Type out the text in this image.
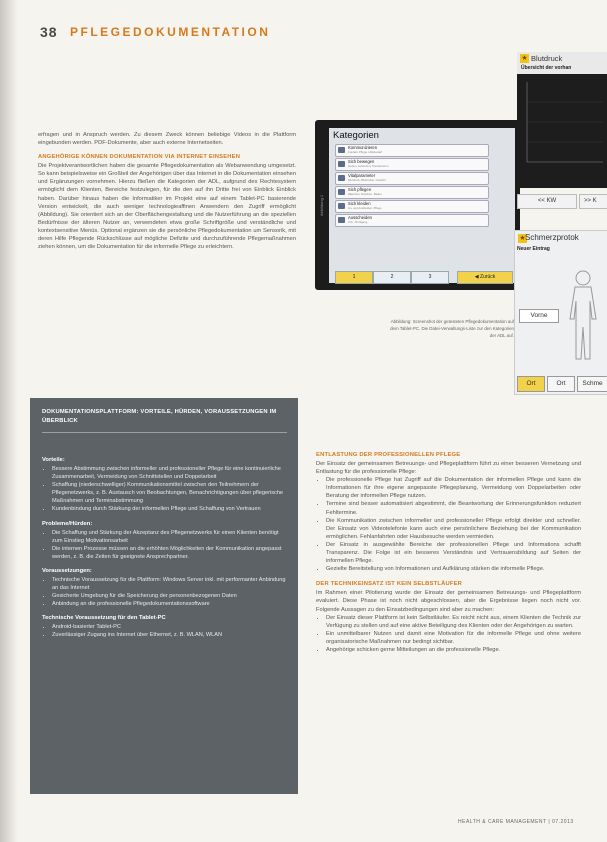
38 PFLEGEDOKUMENTATION

erfragen und in Anspruch werden. Zu diesem Zweck können beliebige Videos in die Plattform eingebunden werden. PDF-Dokumente, aber auch externe Internetseiten.

ANGEHÖRIGE KÖNNEN DOKUMENTATION VIA INTERNET EINSEHEN

Die Projektverantwortlichen haben die gesamte Pflegedokumentation als Webanwendung umgesetzt. So kann beispielsweise ein Großteil der Angehörigen über das Internet in die Dokumentation einsehen und Ergänzungen vornehmen. Hierzu fließen die Kategorien der ADL, aufgrund des Rechtesystem ermöglicht dem Klienten, Bereiche festzulegen, für die den auf ihn Dritte frei von Einblick Einblick haben. Darüber hinaus haben die Informatiker im Projekt eine auf einem Tablet-PC basierende Version entwickelt, die auch weniger technologieaffinen Anwendern den Zugriff ermöglicht (Abbildung). Sie orientiert sich an der Oberflächengestaltung und die Nutzerführung an die speziellen Bedürfnisse der älteren Nutzer an, verwendeten etwa große Schriftgröße und verständliche und kontextsensitive Menüs. Optional ergänzen sie die persönliche Pflegedokumentation um Sensorik, mit deren Hilfe Pflegende Rückschlüsse auf mögliche Defizite und durchzuführende Pflegemaßnahmen ziehen können, um die Dokumentation für die informelle Pflege zu erleichtern.

Abbildung 1
Kategorien
Kommunizieren
Kontakt, Pflege, Hilfebedarf
Sich bewegen
Gehen, Aufstehen, Transferieren
Vitalparameter
Blutdruck, Blutzucker, Gewicht
Sich pflegen
Waschen, Duschen, Baden
Sich kleiden
An- und Auskleiden, Pflege
Ausscheiden
Urin, Stuhlgang
1	2	3	◀ Zurück
Abbildung: Screenshot der getesteten Pflegedokumentation auf dem Tablet-PC. Die Datei-Verwaltungs-Liste zur den Kategorien der ADL auf.
★ Blutdruck
Übersicht der vorhan
<< KW	>> K
★ Schmerzprotok
Neuer Eintrag
Vorne
Ort	Ort	Schme
DOKUMENTATIONSPLATTFORM: VORTEILE, HÜRDEN, VORAUSSETZUNGEN IM ÜBERBLICK

Vorteile:

• Bessere Abstimmung zwischen informeller und professioneller Pflege für eine kontinuierliche Zusammenarbeit, Vermeidung von Schnittstellen und Doppelarbeit
• Schaffung (niederschwelliger) Kommunikationsmittel zwischen den Teilnehmern der Pflegenetzwerks, z. B. Austausch von Beobachtungen, Benachrichtigungen über pflegerische Maßnahmen und Terminabstimmung
• Kundenbindung durch Stärkung der informellen Pflege und Schaffung von Vertrauen

Probleme/Hürden:

• Die Schaffung und Stärkung der Akzeptanz des Pflegenetzwerks für einen Klienten benötigt zum Einstieg Motivationsarbeit
• Die internen Prozesse müssen an die erhöhten Möglichkeiten der Kommunikation angepasst werden, z. B. die Zeiten für geeignete Ansprechpartner.

Voraussetzungen:

• Technische Voraussetzung für die Plattform: Windows Server inkl. mit performanter Anbindung an das Internet
• Gesicherte Umgebung für die Speicherung der personenbezogenen Daten
• Anbindung an die professionelle Pflegedokumentationssoftware

Technische Voraussetzung für den Tablet-PC

• Android-basierter Tablet-PC
• Zuverlässiger Zugang ins Internet über Ethernet, z. B. WLAN, WLAN

ENTLASTUNG DER PROFESSIONELLEN PFLEGE

Der Einsatz der gemeinsamen Betreuungs- und Pflegeplattform führt zu einer besseren Vernetzung und Entlastung für die professionelle Pflege:

• Die professionelle Pflege hat Zugriff auf die Dokumentation der informellen Pflege und kann die Informationen für ihre eigene angepasste Pflegeplanung, Vermeidung von Doppelarbeiten oder Beratung der informellen Pflege nutzen.
• Termine sind besser automatisiert abgestimmt, die Beantwortung der Erinnerungsfunktion reduziert Fehltermine.
• Die Kommunikation zwischen informeller und professioneller Pflege erfolgt direkter und schneller. Der Einsatz von Videotelefonie kann auch eine persönlichere Beziehung bei der Kommunikation ermöglichen. Fehlanfahrten oder Hausbesuche werden vermieden.
• Der Einsatz in ausgewählte Bereiche der professionellen Pflege und Informations schafft Transparenz. Die Folge ist ein besseres Verständnis und Vertrauensbildung auf Seiten der informellen Pflege.
• Gezielte Bereitstellung von Informationen und Aufklärung stärken die informelle Pflege.

DER TECHNIKEINSATZ IST KEIN SELBSTLÄUFER

Im Rahmen einer Pilotierung wurde der Einsatz der gemeinsamen Betreuungs- und Pflegeplattform evaluiert. Diese Phase ist noch nicht abgeschlossen, aber die Ergebnisse liegen noch nicht vor. Folgende Aussagen zu den Einsatzbedingungen sind aber zu machen:

• Der Einsatz dieser Plattform ist kein Selbstläufer. Es reicht nicht aus, einem Klienten die Technik zur Verfügung zu stellen und auf eine aktive Beteiligung des Klienten oder der Angehörigen zu warten.
• Ein unmittelbarer Nutzen und damit eine Motivation für die informelle Pflege und ohne weitere organisatorische Maßnahmen nur bedingt sichtbar.
• Angehörige schicken gerne Mitteilungen an die professionelle Pflege.
HEALTH & CARE MANAGEMENT | 07.2013
